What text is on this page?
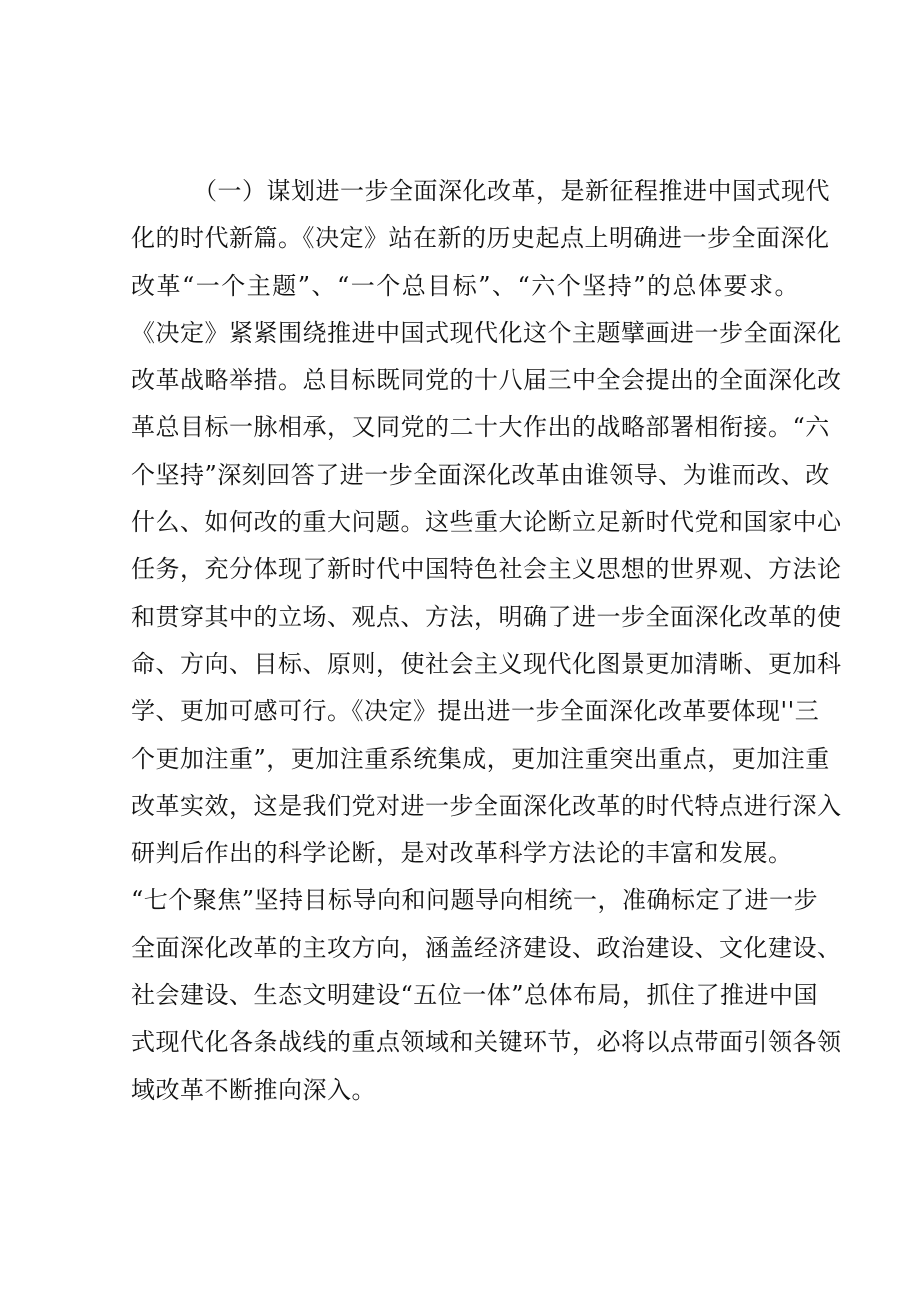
（一）谋划进一步全面深化改革，是新征程推进中国式现代
化的时代新篇。《决定》站在新的历史起点上明确进一步全面深化
改革“一个主题”、“一个总目标”、“六个坚持”的总体要求。
《决定》紧紧围绕推进中国式现代化这个主题擘画进一步全面深化
改革战略举措。总目标既同党的十八届三中全会提出的全面深化改
革总目标一脉相承，又同党的二十大作出的战略部署相衔接。“六
个坚持”深刻回答了进一步全面深化改革由谁领导、为谁而改、改
什么、如何改的重大问题。这些重大论断立足新时代党和国家中心
任务，充分体现了新时代中国特色社会主义思想的世界观、方法论
和贯穿其中的立场、观点、方法，明确了进一步全面深化改革的使
命、方向、目标、原则，使社会主义现代化图景更加清晰、更加科
学、更加可感可行。《决定》提出进一步全面深化改革要体现''三
个更加注重”，更加注重系统集成，更加注重突出重点，更加注重
改革实效，这是我们党对进一步全面深化改革的时代特点进行深入
研判后作出的科学论断，是对改革科学方法论的丰富和发展。
“七个聚焦”坚持目标导向和问题导向相统一，准确标定了进一步
全面深化改革的主攻方向，涵盖经济建设、政治建设、文化建设、
社会建设、生态文明建设“五位一体”总体布局，抓住了推进中国
式现代化各条战线的重点领域和关键环节，必将以点带面引领各领
域改革不断推向深入。
